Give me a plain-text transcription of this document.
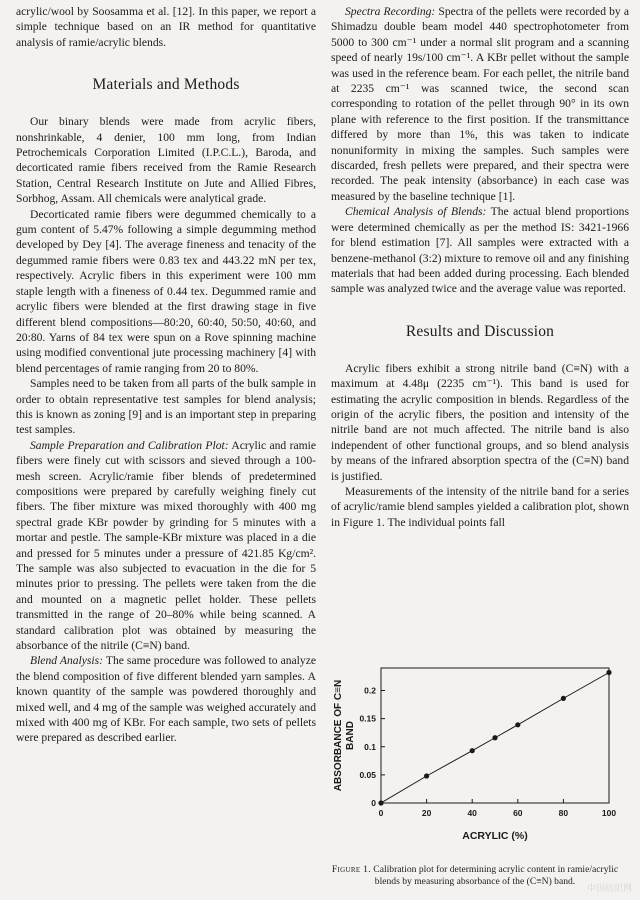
acrylic/wool by Soosamma et al. [12]. In this paper, we report a simple technique based on an IR method for quantitative analysis of ramie/acrylic blends.

Materials and Methods

Our binary blends were made from acrylic fibers, nonshrinkable, 4 denier, 100 mm long, from Indian Petrochemicals Corporation Limited (I.P.C.L.), Baroda, and decorticated ramie fibers received from the Ramie Research Station, Central Research Institute on Jute and Allied Fibres, Sorbhog, Assam. All chemicals were analytical grade.

Decorticated ramie fibers were degummed chemically to a gum content of 5.47% following a simple degumming method developed by Dey [4]. The average fineness and tenacity of the degummed ramie fibers were 0.83 tex and 443.22 mN per tex, respectively. Acrylic fibers in this experiment were 100 mm staple length with a fineness of 0.44 tex. Degummed ramie and acrylic fibers were blended at the first drawing stage in five different blend compositions—80:20, 60:40, 50:50, 40:60, and 20:80. Yarns of 84 tex were spun on a Rove spinning machine using modified conventional jute processing machinery [4] with blend percentages of ramie ranging from 20 to 80%.

Samples need to be taken from all parts of the bulk sample in order to obtain representative test samples for blend analysis; this is known as zoning [9] and is an important step in preparing test samples.

Sample Preparation and Calibration Plot: Acrylic and ramie fibers were finely cut with scissors and sieved through a 100-mesh screen. Acrylic/ramie fiber blends of predetermined compositions were prepared by carefully weighing finely cut fibers. The fiber mixture was mixed thoroughly with 400 mg spectral grade KBr powder by grinding for 5 minutes with a mortar and pestle. The sample-KBr mixture was placed in a die and pressed for 5 minutes under a pressure of 421.85 Kg/cm². The sample was also subjected to evacuation in the die for 5 minutes prior to pressing. The pellets were taken from the die and mounted on a magnetic pellet holder. These pellets transmitted in the range of 20–80% while being scanned. A standard calibration plot was obtained by measuring the absorbance of the nitrile (C≡N) band.

Blend Analysis: The same procedure was followed to analyze the blend composition of five different blended yarn samples. A known quantity of the sample was powdered thoroughly and mixed well, and 4 mg of the sample was weighed accurately and mixed with 400 mg of KBr. For each sample, two sets of pellets were prepared as described earlier.

Spectra Recording: Spectra of the pellets were recorded by a Shimadzu double beam model 440 spectrophotometer from 5000 to 300 cm⁻¹ under a normal slit program and a scanning speed of nearly 19s/100 cm⁻¹. A KBr pellet without the sample was used in the reference beam. For each pellet, the nitrile band at 2235 cm⁻¹ was scanned twice, the second scan corresponding to rotation of the pellet through 90° in its own plane with reference to the first position. If the transmittance differed by more than 1%, this was taken to indicate nonuniformity in mixing the samples. Such samples were discarded, fresh pellets were prepared, and their spectra were recorded. The peak intensity (absorbance) in each case was measured by the baseline technique [1].

Chemical Analysis of Blends: The actual blend proportions were determined chemically as per the method IS: 3421-1966 for blend estimation [7]. All samples were extracted with a benzene-methanol (3:2) mixture to remove oil and any finishing materials that had been added during processing. Each blended sample was analyzed twice and the average value was reported.

Results and Discussion

Acrylic fibers exhibit a strong nitrile band (C≡N) with a maximum at 4.48μ (2235 cm⁻¹). This band is used for estimating the acrylic composition in blends. Regardless of the origin of the acrylic fibers, the position and intensity of the nitrile band are not much affected. The nitrile band is also independent of other functional groups, and so blend analysis by means of the infrared absorption spectra of the (C≡N) band is justified.

Measurements of the intensity of the nitrile band for a series of acrylic/ramie blend samples yielded a calibration plot, shown in Figure 1. The individual points fall

0	20	40	60	80	100
0
0.05
0.1
0.15
0.2
ACRYLIC (%)
ABSORBANCE OF C≡N BAND
Figure 1. Calibration plot for determining acrylic content in ramie/acrylic blends by measuring absorbance of the (C≡N) band.
中国纺织网
